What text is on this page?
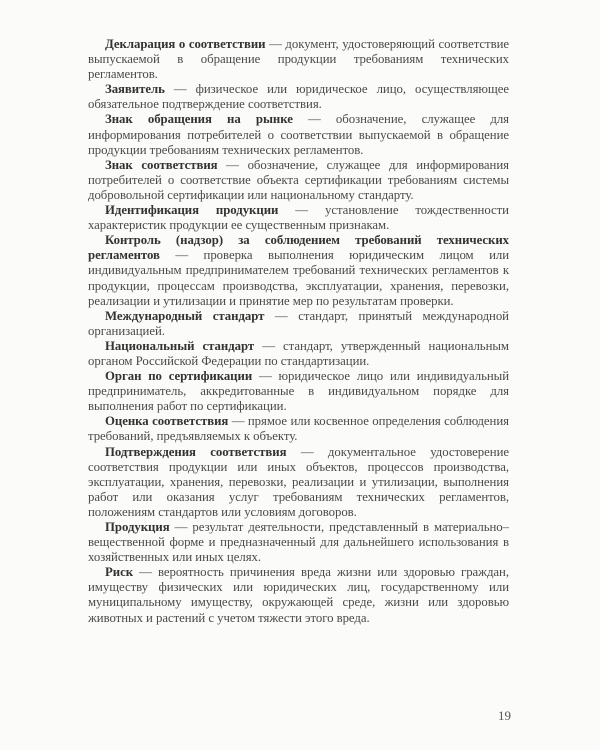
Декларация о соответствии — документ, удостоверяющий соответствие выпускаемой в обращение продукции требованиям технических регламентов.

Заявитель — физическое или юридическое лицо, осуществляющее обязательное подтверждение соответствия.

Знак обращения на рынке — обозначение, служащее для информирования потребителей о соответствии выпускаемой в обращение продукции требованиям технических регламентов.

Знак соответствия — обозначение, служащее для информирования потребителей о соответствие объекта сертификации требованиям системы добровольной сертификации или национальному стандарту.

Идентификация продукции — установление тождественности характеристик продукции ее существенным признакам.

Контроль (надзор) за соблюдением требований технических регламентов — проверка выполнения юридическим лицом или индивидуальным предпринимателем требований технических регламентов к продукции, процессам производства, эксплуатации, хранения, перевозки, реализации и утилизации и принятие мер по результатам проверки.

Международный стандарт — стандарт, принятый международной организацией.

Национальный стандарт — стандарт, утвержденный национальным органом Российской Федерации по стандартизации.

Орган по сертификации — юридическое лицо или индивидуальный предприниматель, аккредитованные в индивидуальном порядке для выполнения работ по сертификации.

Оценка соответствия — прямое или косвенное определения соблюдения требований, предъявляемых к объекту.

Подтверждения соответствия — документальное удостоверение соответствия продукции или иных объектов, процессов производства, эксплуатации, хранения, перевозки, реализации и утилизации, выполнения работ или оказания услуг требованиям технических регламентов, положениям стандартов или условиям договоров.

Продукция — результат деятельности, представленный в материально–вещественной форме и предназначенный для дальнейшего использования в хозяйственных или иных целях.

Риск — вероятность причинения вреда жизни или здоровью граждан, имуществу физических или юридических лиц, государственному или муниципальному имуществу, окружающей среде, жизни или здоровью животных и растений с учетом тяжести этого вреда.

19
